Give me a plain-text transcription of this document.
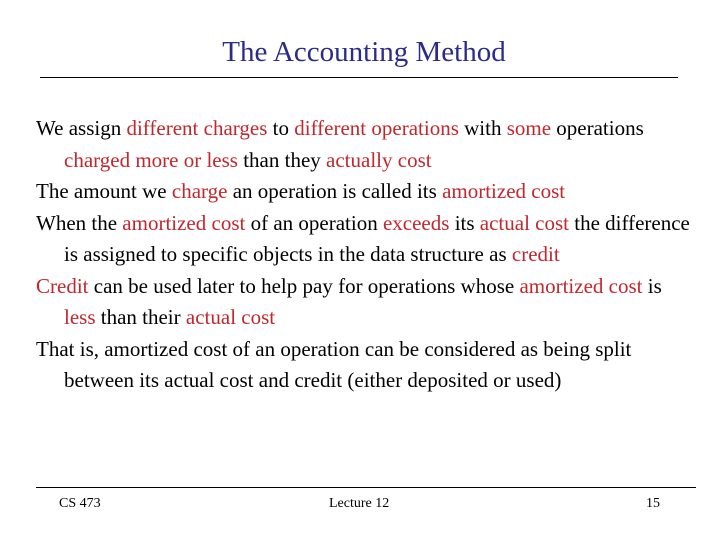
The Accounting Method

We assign different charges to different operations with some operations charged more or less than they actually cost

The amount we charge an operation is called its amortized cost

When the amortized cost of an operation exceeds its actual cost the difference is assigned to specific objects in the data structure as credit

Credit can be used later to help pay for operations whose amortized cost is less than their actual cost

That is, amortized cost of an operation can be considered as being split between its actual cost and credit (either deposited or used)

CS 473	Lecture 12	15
